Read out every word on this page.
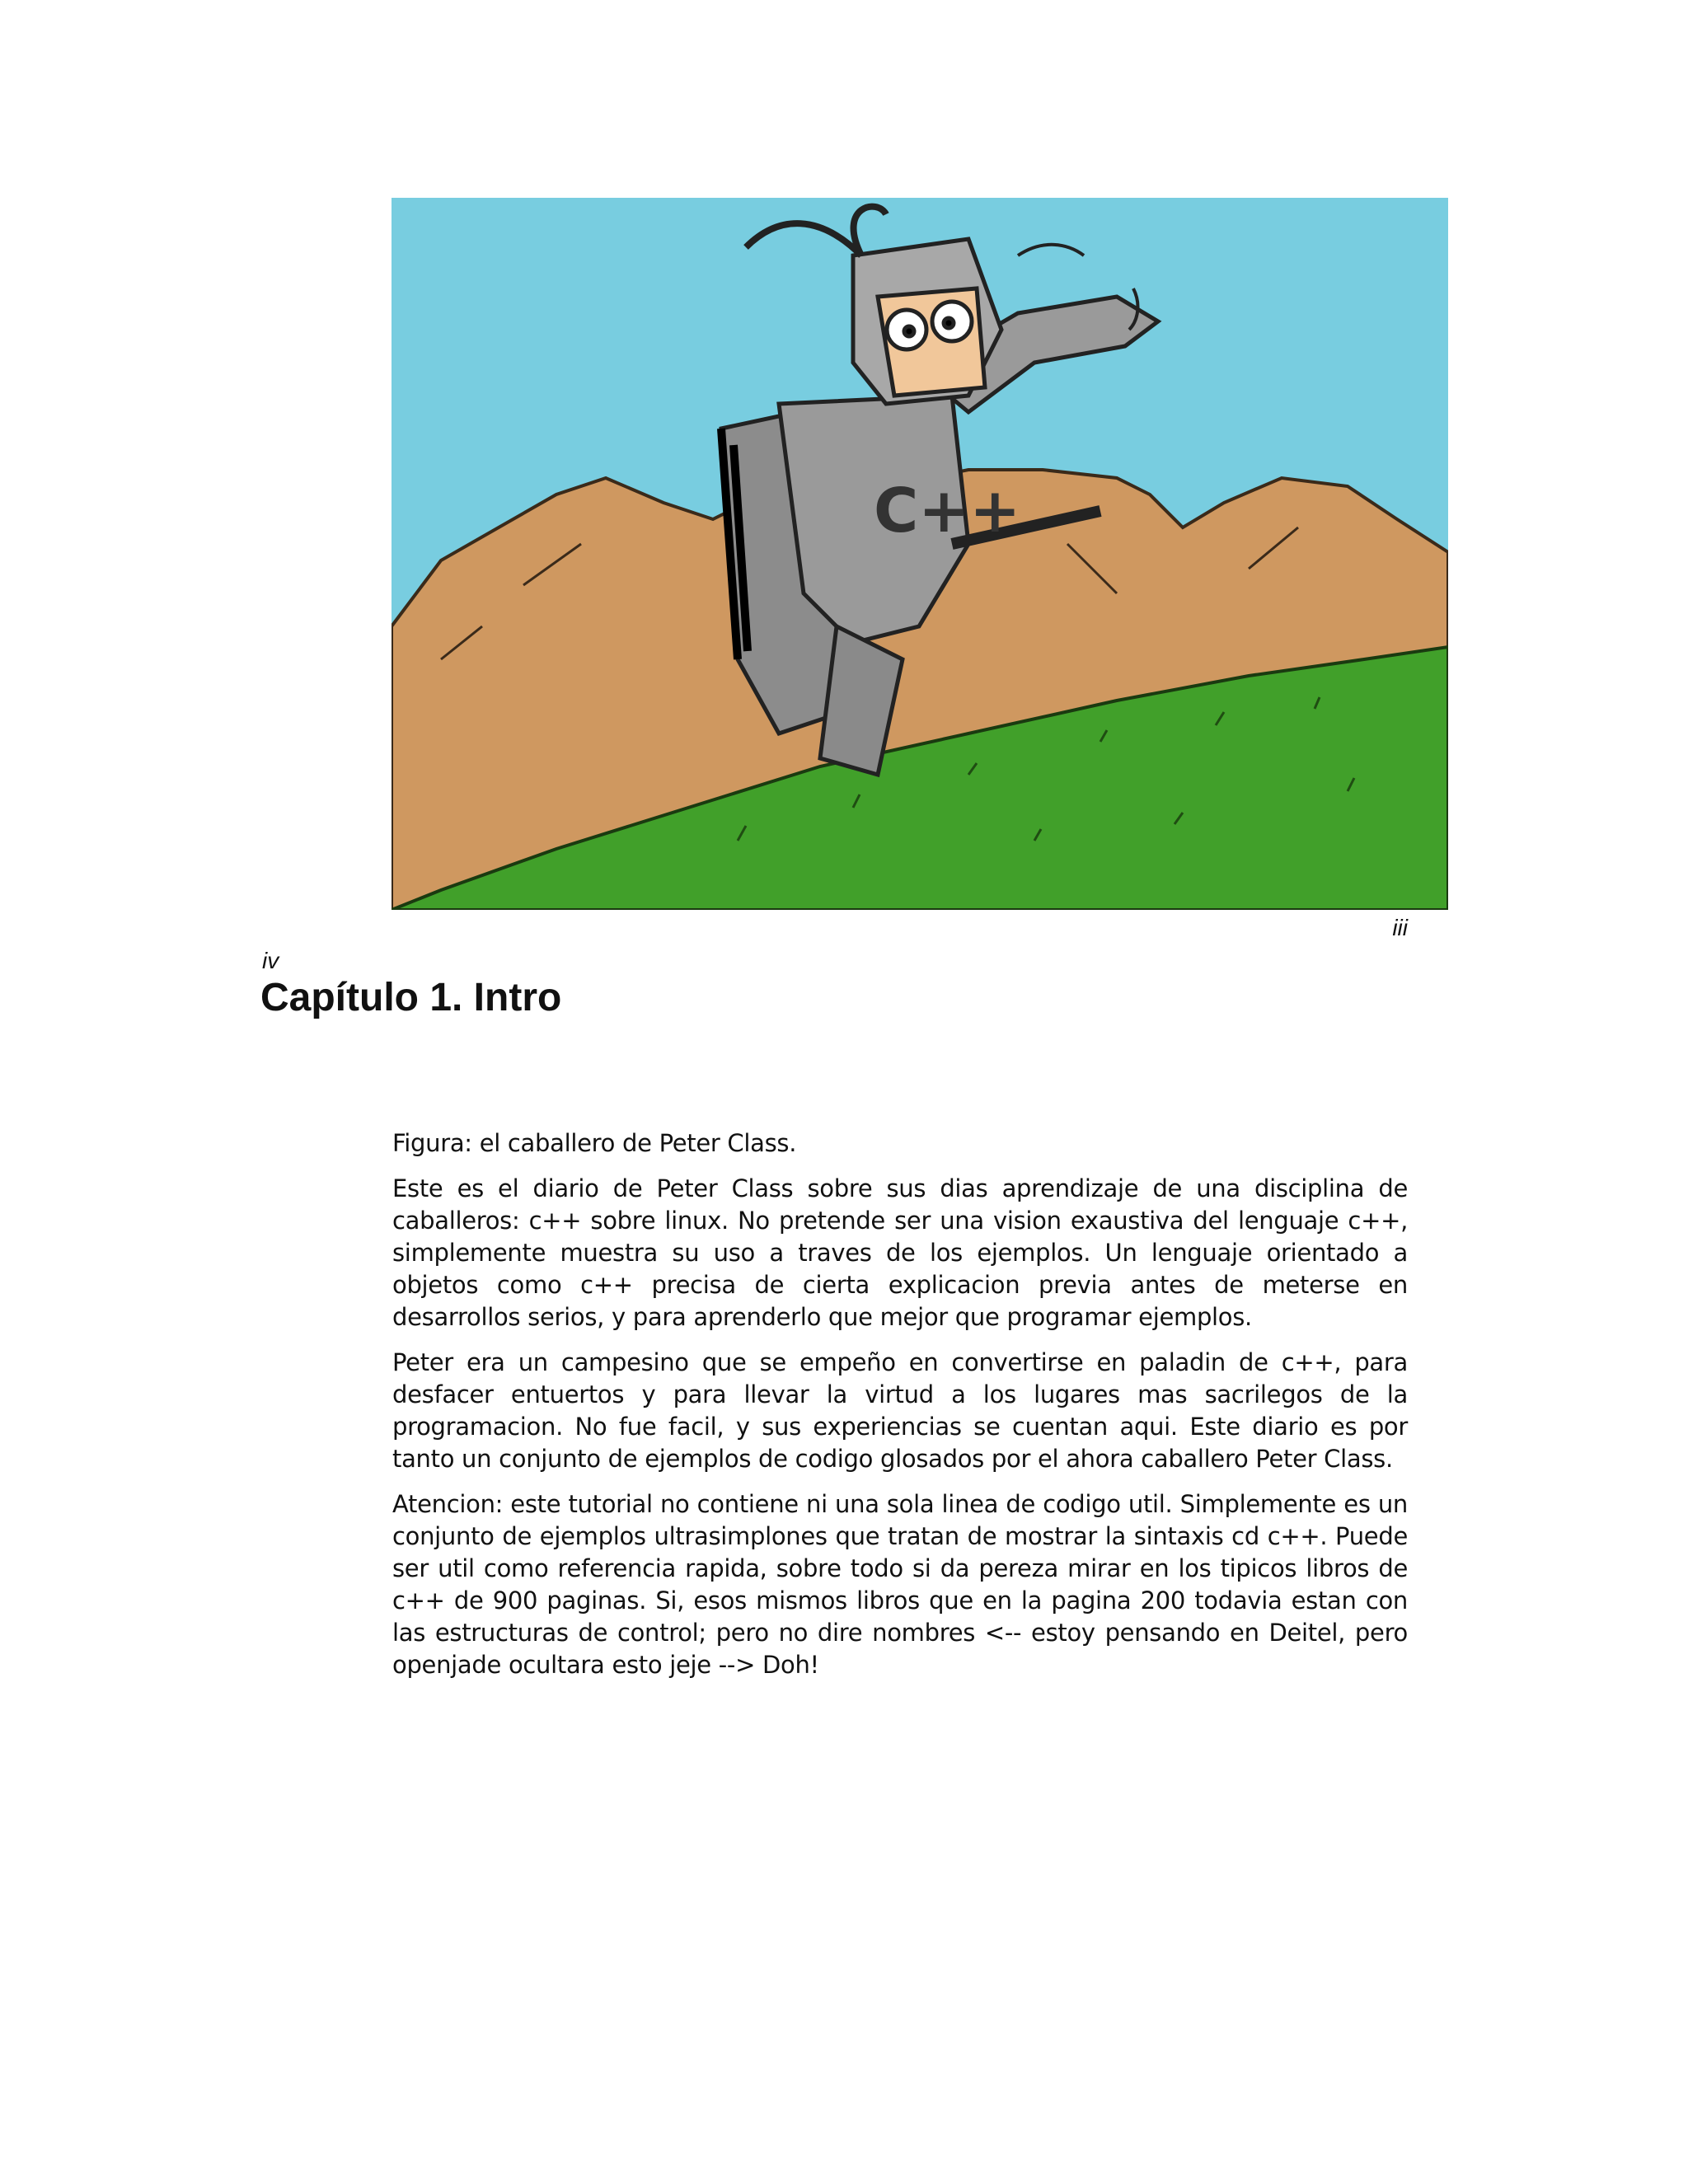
C++
iii
iv
Capítulo 1. Intro

Figura: el caballero de Peter Class.

Este es el diario de Peter Class sobre sus dias aprendizaje de una disciplina de caballeros: c++ sobre linux. No pretende ser una vision exaustiva del lenguaje c++, simplemente muestra su uso a traves de los ejemplos. Un lenguaje orientado a objetos como c++ precisa de cierta explicacion previa antes de meterse en desarrollos serios, y para aprenderlo que mejor que programar ejemplos.

Peter era un campesino que se empeño en convertirse en paladin de c++, para desfacer entuertos y para llevar la virtud a los lugares mas sacrilegos de la programacion. No fue facil, y sus experiencias se cuentan aqui. Este diario es por tanto un conjunto de ejemplos de codigo glosados por el ahora caballero Peter Class.

Atencion: este tutorial no contiene ni una sola linea de codigo util. Simplemente es un conjunto de ejemplos ultrasimplones que tratan de mostrar la sintaxis cd c++. Puede ser util como referencia rapida, sobre todo si da pereza mirar en los tipicos libros de c++ de 900 paginas. Si, esos mismos libros que en la pagina 200 todavia estan con las estructuras de control; pero no dire nombres <-- estoy pensando en Deitel, pero openjade ocultara esto jeje --> Doh!
